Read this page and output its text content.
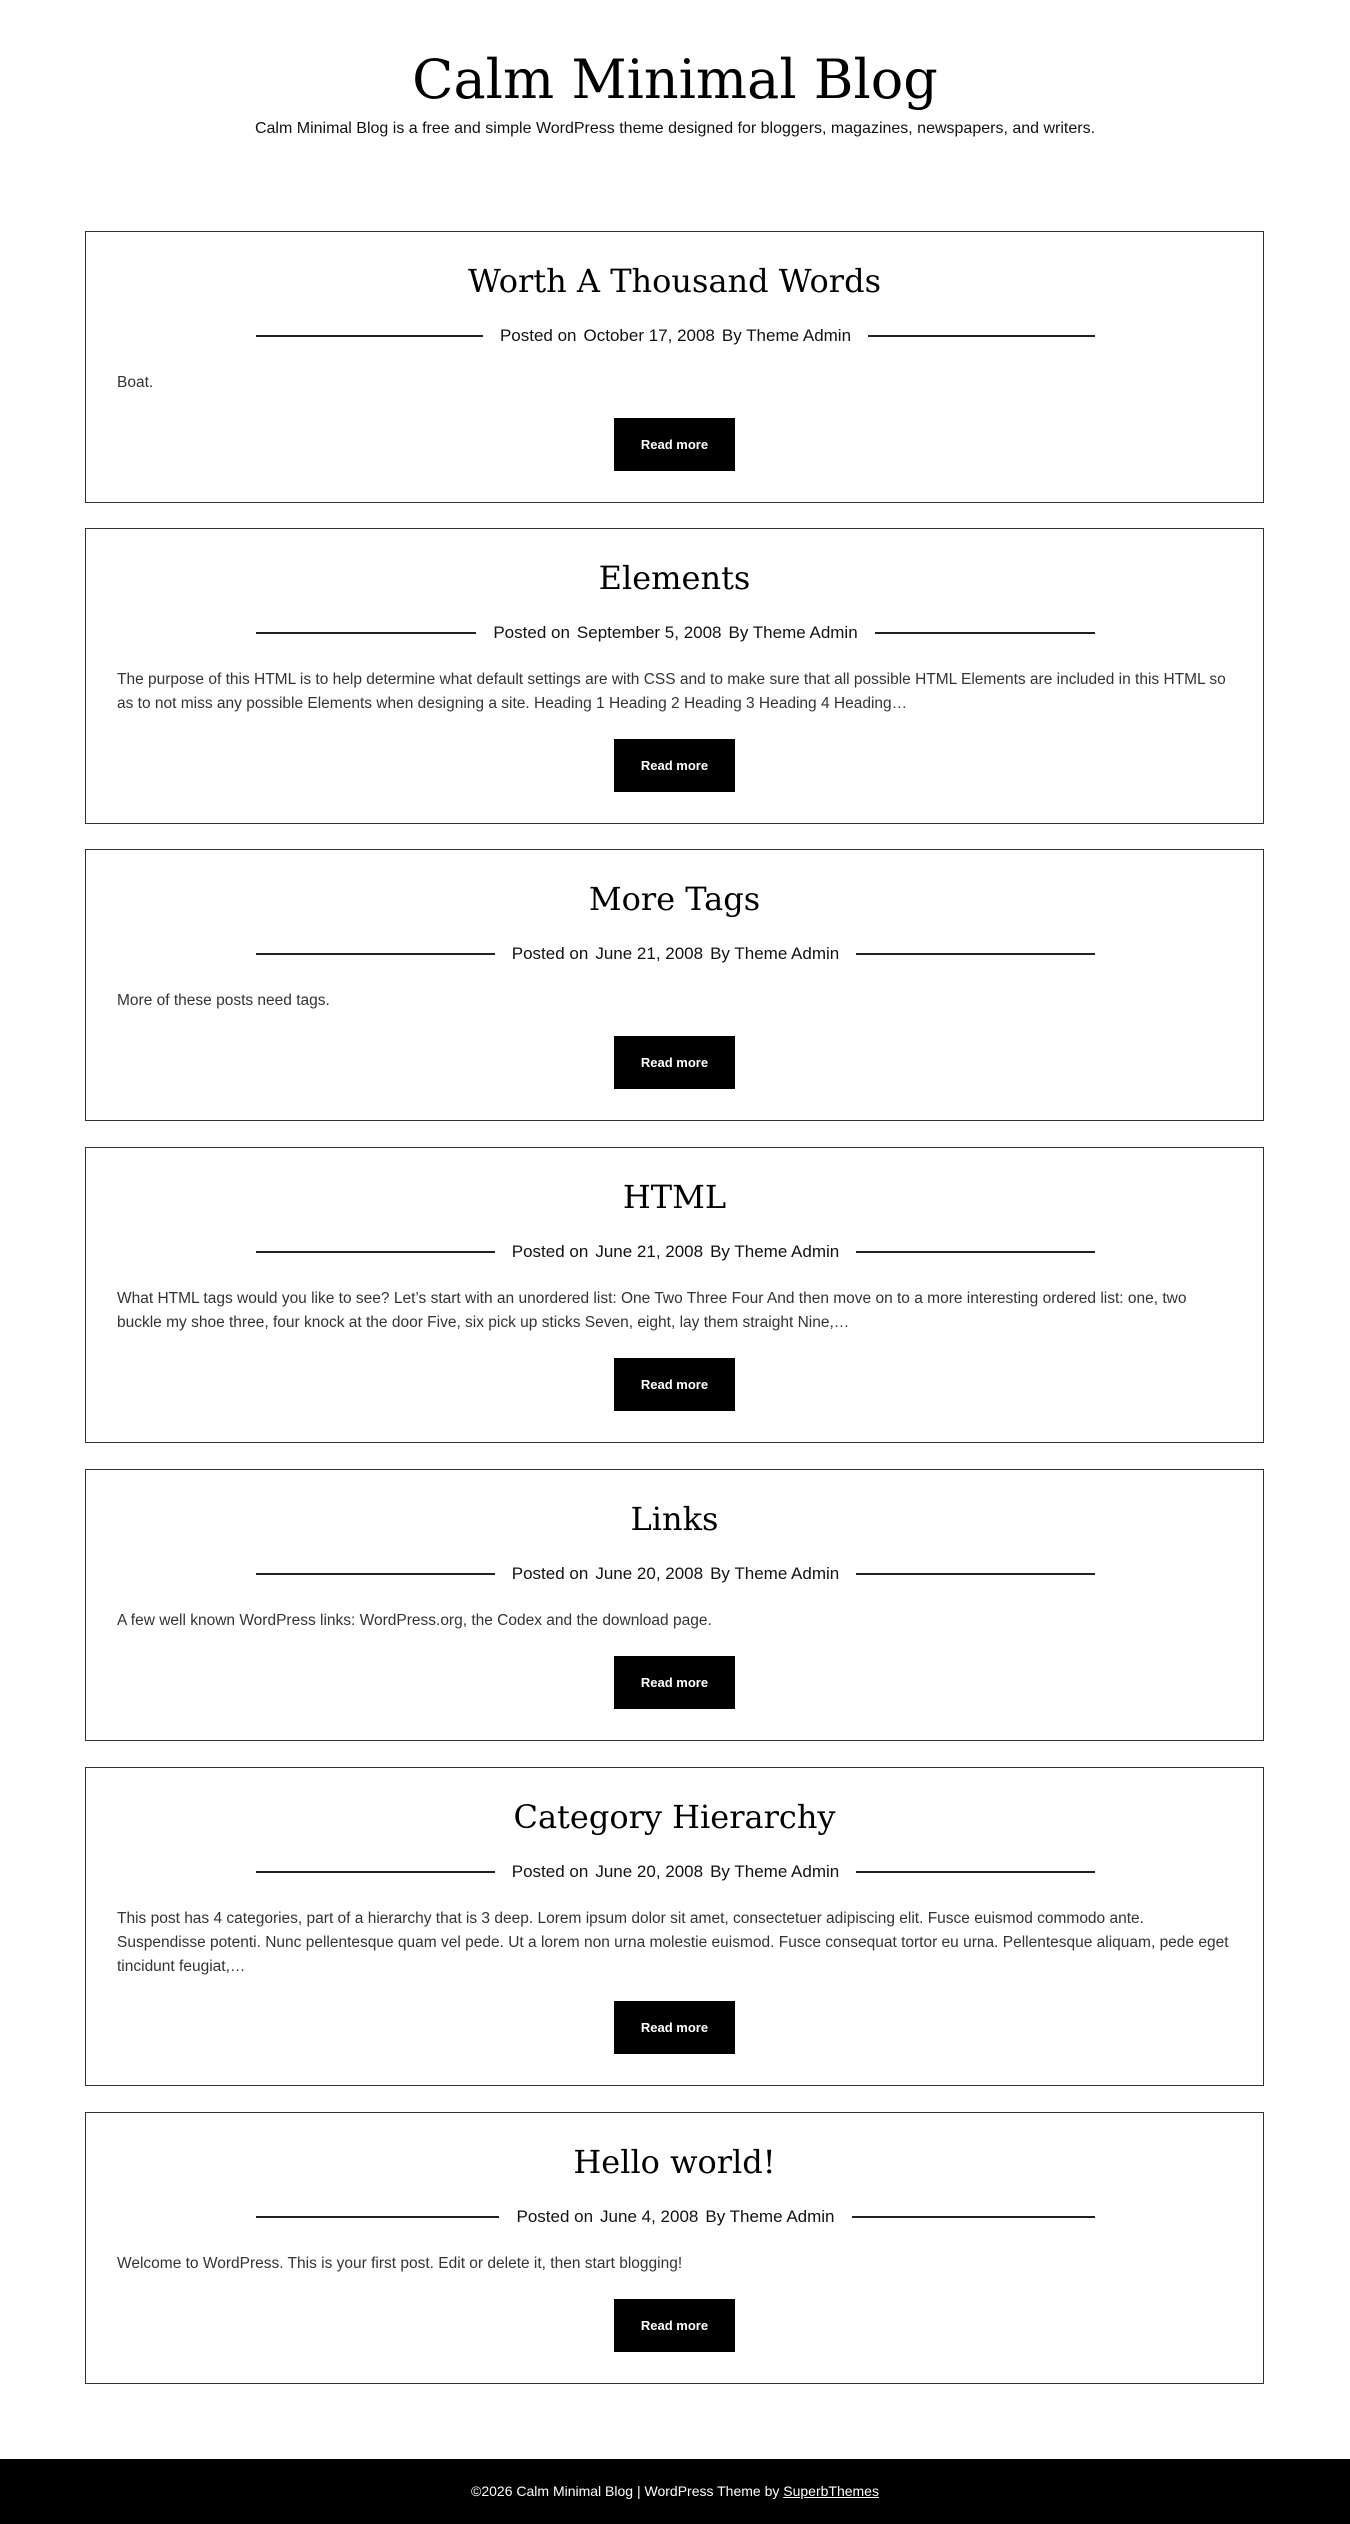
Calm Minimal Blog
Calm Minimal Blog is a free and simple WordPress theme designed for bloggers, magazines, newspapers, and writers.
Worth A Thousand Words
Posted on October 17, 2008 By Theme Admin

Boat.

Read more
Elements
Posted on September 5, 2008 By Theme Admin

The purpose of this HTML is to help determine what default settings are with CSS and to make sure that all possible HTML Elements are included in this HTML so as to not miss any possible Elements when designing a site. Heading 1 Heading 2 Heading 3 Heading 4 Heading…

Read more
More Tags
Posted on June 21, 2008 By Theme Admin

More of these posts need tags.

Read more
HTML
Posted on June 21, 2008 By Theme Admin

What HTML tags would you like to see? Let’s start with an unordered list: One Two Three Four And then move on to a more interesting ordered list: one, two buckle my shoe three, four knock at the door Five, six pick up sticks Seven, eight, lay them straight Nine,…

Read more
Links
Posted on June 20, 2008 By Theme Admin

A few well known WordPress links: WordPress.org, the Codex and the download page.

Read more
Category Hierarchy
Posted on June 20, 2008 By Theme Admin

This post has 4 categories, part of a hierarchy that is 3 deep. Lorem ipsum dolor sit amet, consectetuer adipiscing elit. Fusce euismod commodo ante. Suspendisse potenti. Nunc pellentesque quam vel pede. Ut a lorem non urna molestie euismod. Fusce consequat tortor eu urna. Pellentesque aliquam, pede eget tincidunt feugiat,…

Read more
Hello world!
Posted on June 4, 2008 By Theme Admin

Welcome to WordPress. This is your first post. Edit or delete it, then start blogging!

Read more
©2026 Calm Minimal Blog | WordPress Theme by SuperbThemes
